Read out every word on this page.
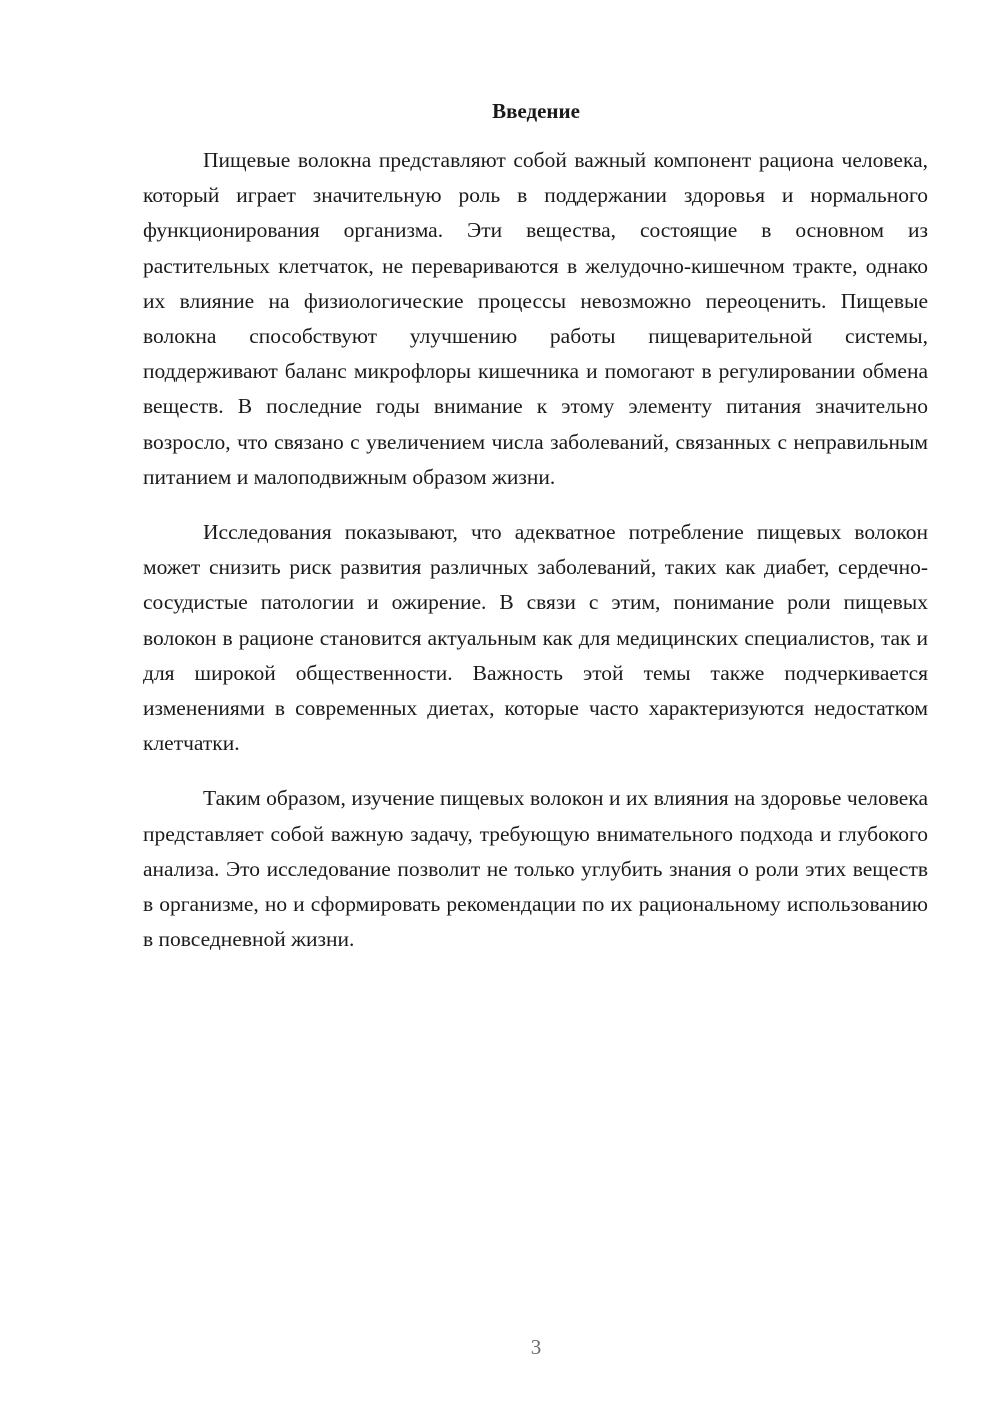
Введение

Пищевые волокна представляют собой важный компонент рациона человека, который играет значительную роль в поддержании здоровья и нормального функционирования организма. Эти вещества, состоящие в основном из растительных клетчаток, не перевариваются в желудочно-кишечном тракте, однако их влияние на физиологические процессы невозможно переоценить. Пищевые волокна способствуют улучшению работы пищеварительной системы, поддерживают баланс микрофлоры кишечника и помогают в регулировании обмена веществ. В последние годы внимание к этому элементу питания значительно возросло, что связано с увеличением числа заболеваний, связанных с неправильным питанием и малоподвижным образом жизни.

Исследования показывают, что адекватное потребление пищевых волокон может снизить риск развития различных заболеваний, таких как диабет, сердечно-сосудистые патологии и ожирение. В связи с этим, понимание роли пищевых волокон в рационе становится актуальным как для медицинских специалистов, так и для широкой общественности. Важность этой темы также подчеркивается изменениями в современных диетах, которые часто характеризуются недостатком клетчатки.

Таким образом, изучение пищевых волокон и их влияния на здоровье человека представляет собой важную задачу, требующую внимательного подхода и глубокого анализа. Это исследование позволит не только углубить знания о роли этих веществ в организме, но и сформировать рекомендации по их рациональному использованию в повседневной жизни.

3
